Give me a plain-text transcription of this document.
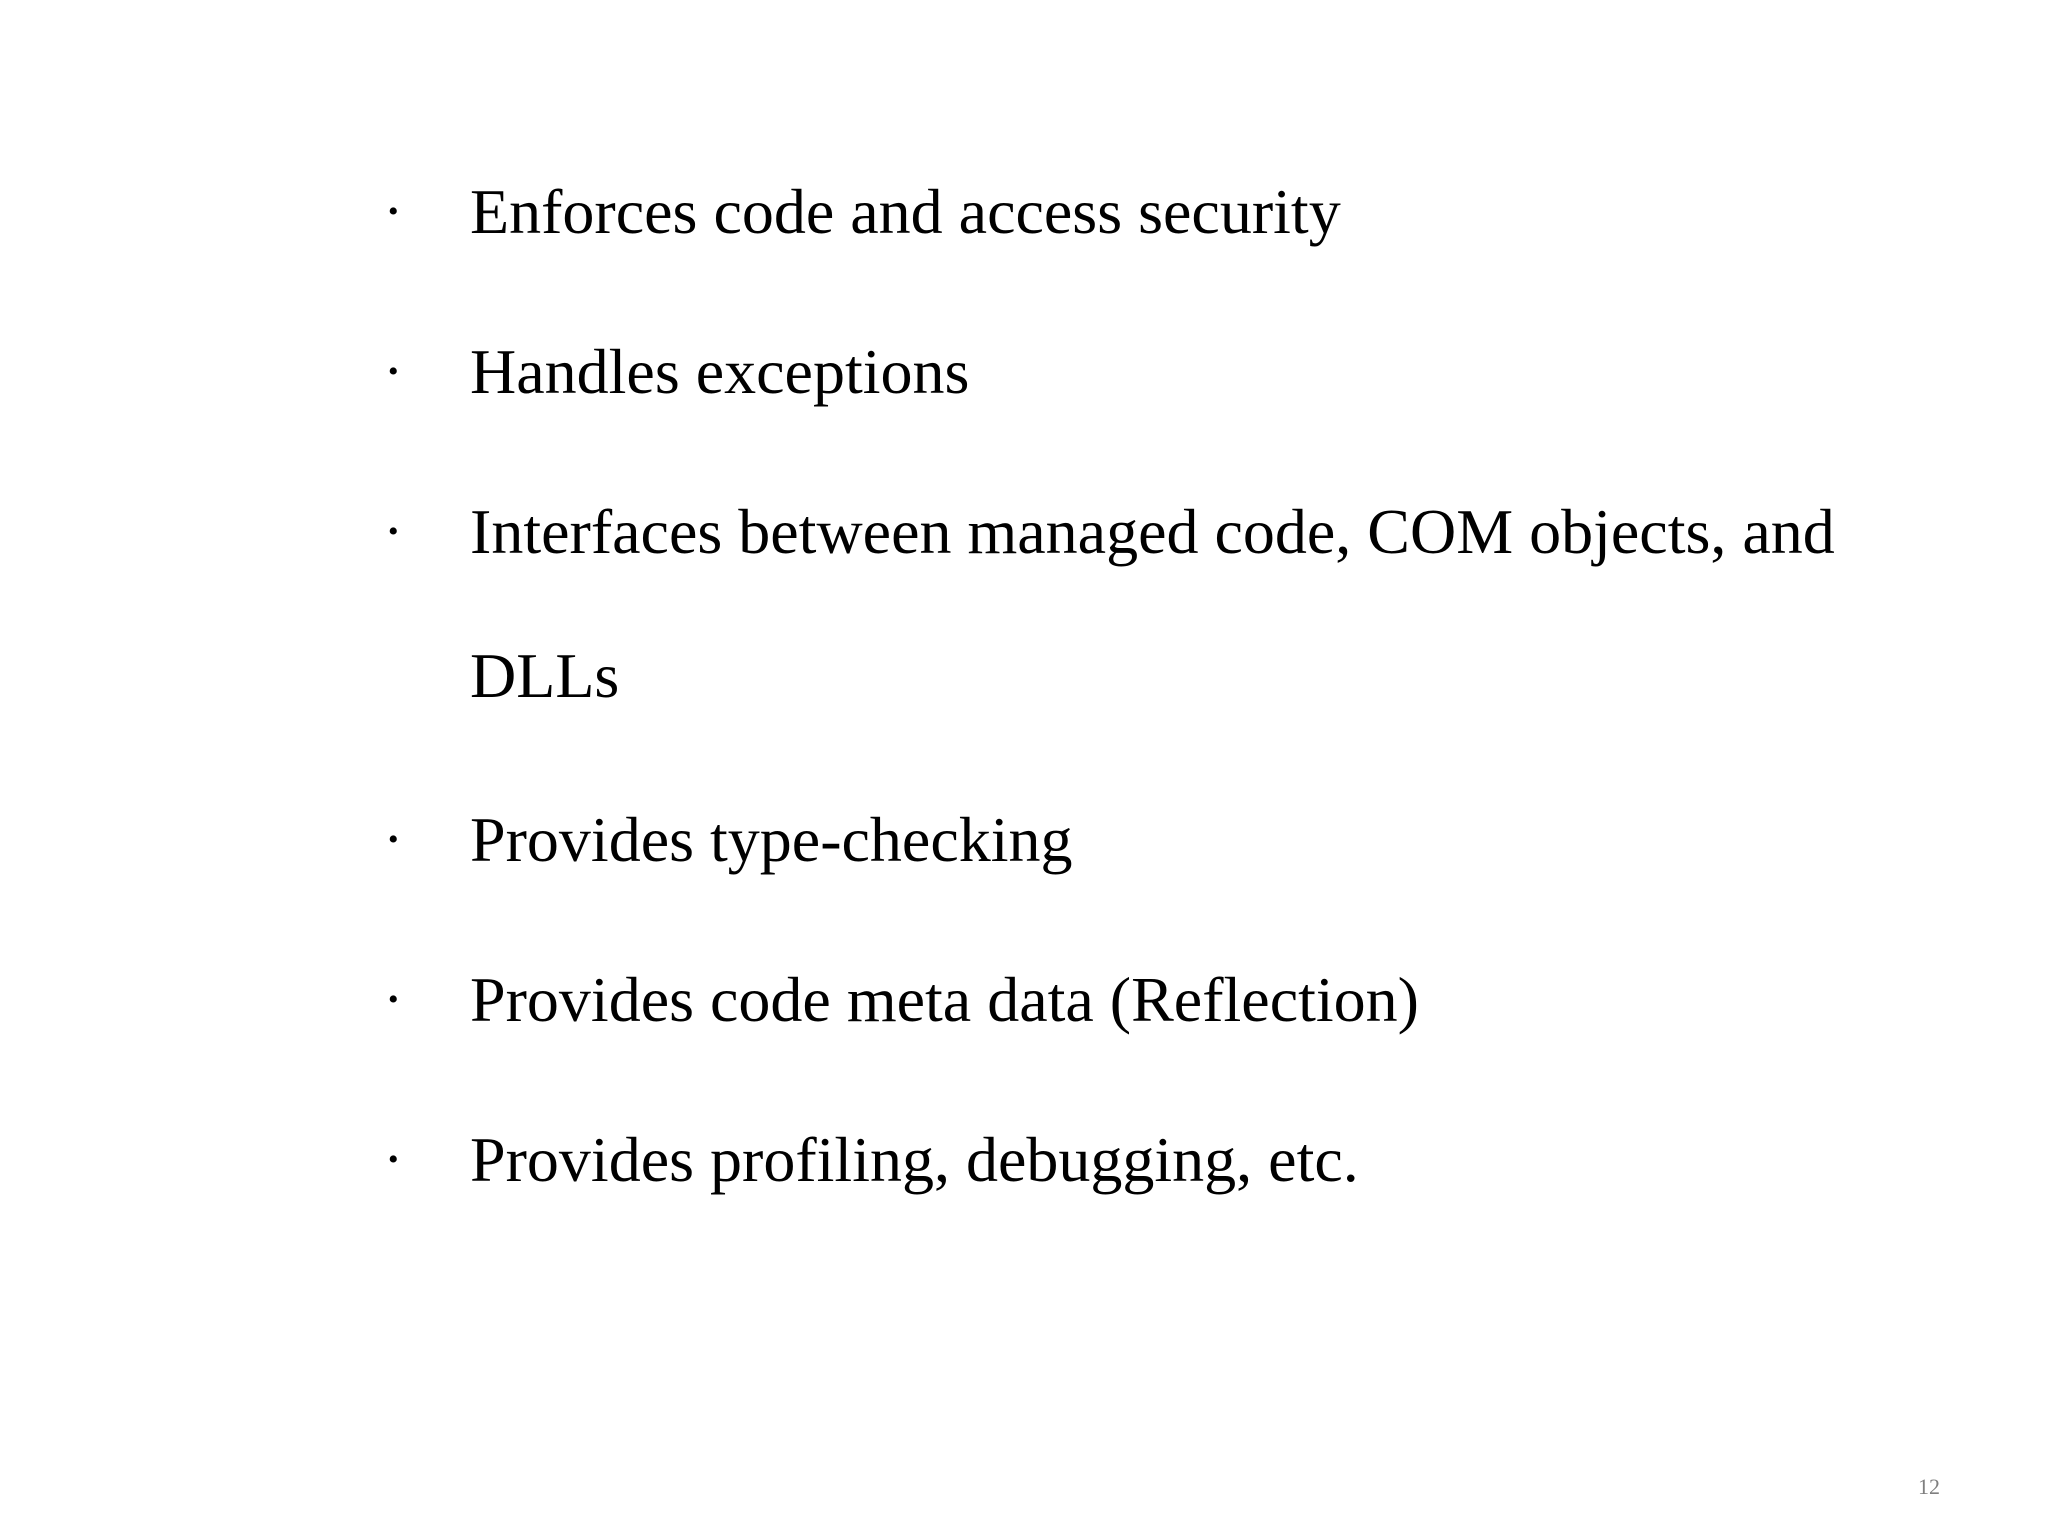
• Enforces code and access security
• Handles exceptions
• Interfaces between managed code, COM objects, and DLLs
• Provides type-checking
• Provides code meta data (Reflection)
• Provides profiling, debugging, etc.
12
